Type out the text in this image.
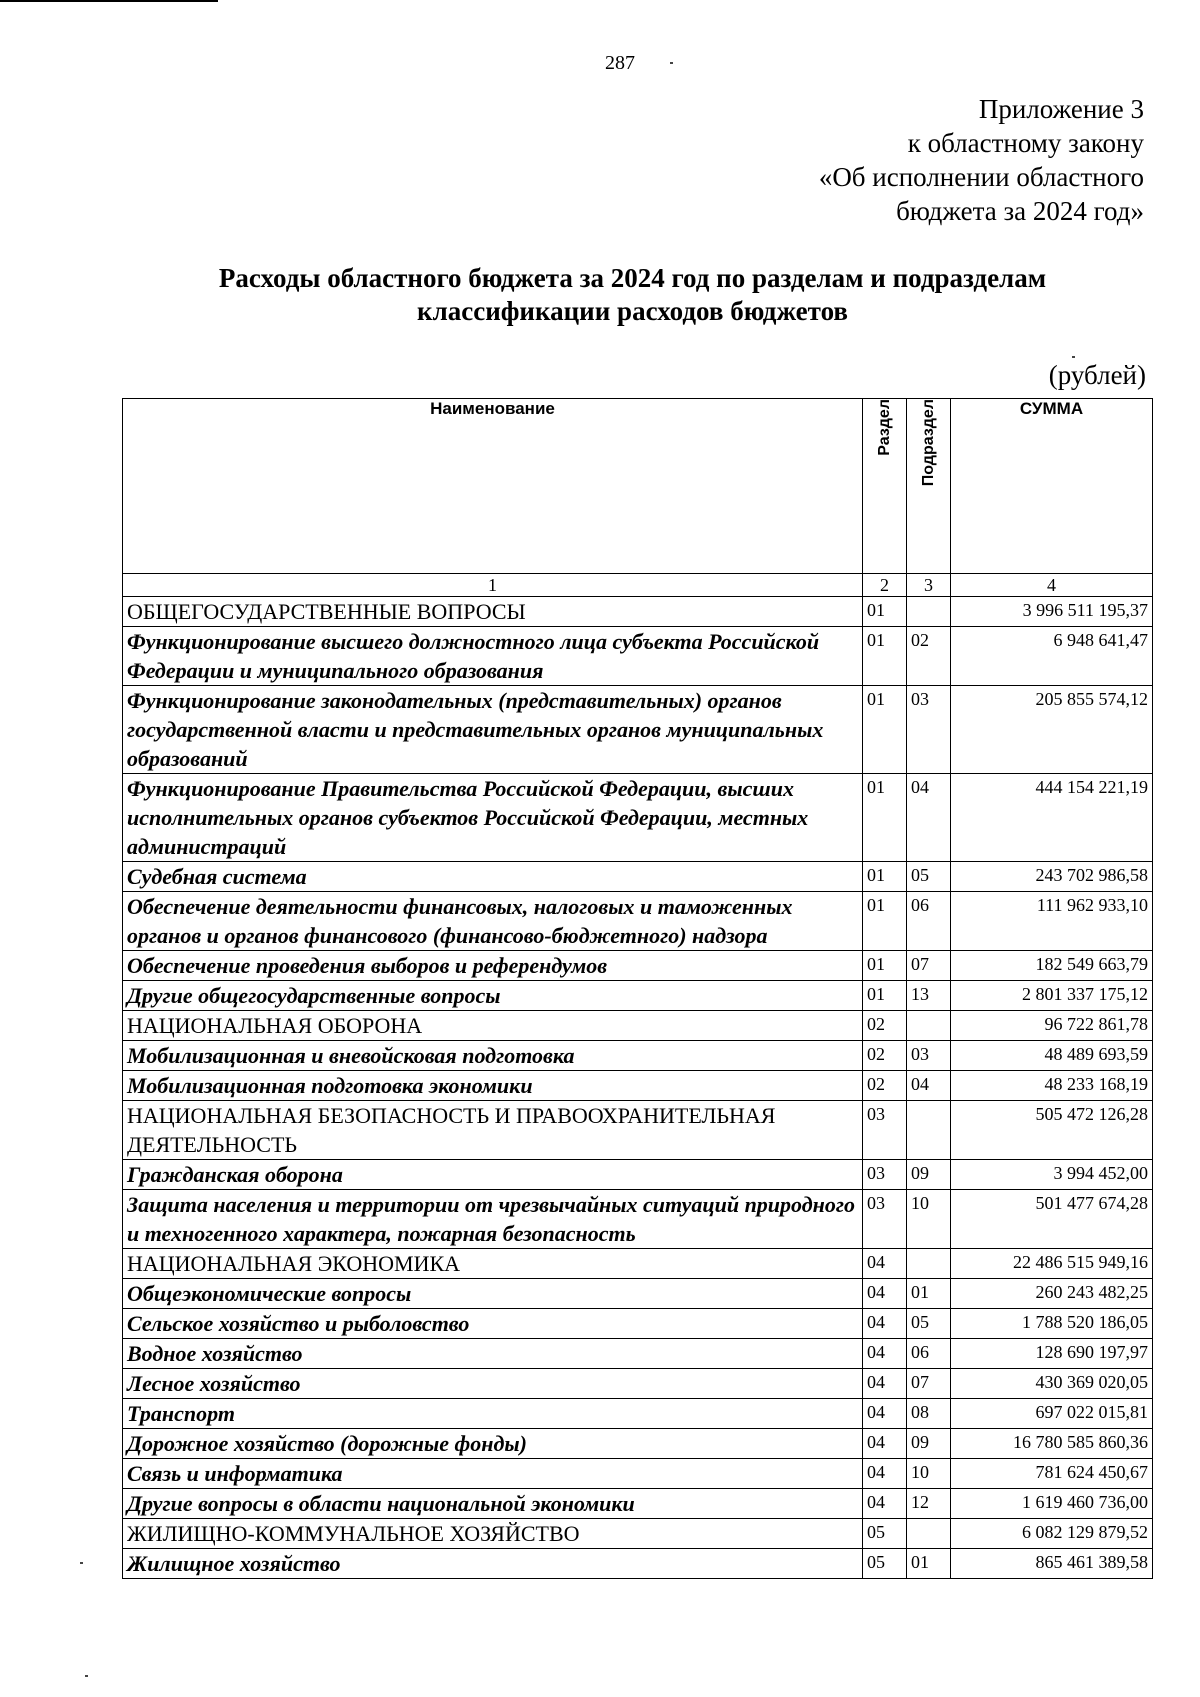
287
Приложение 3
к областному закону
«Об исполнении областного
бюджета за 2024 год»
Расходы областного бюджета за 2024 год по разделам и подразделам
классификации расходов бюджетов
(рублей)
Наименование	Раздел	Подраздел	СУММА
1	2	3	4
ОБЩЕГОСУДАРСТВЕННЫЕ ВОПРОСЫ	01		3 996 511 195,37
Функционирование высшего должностного лица субъекта Российской Федерации и муниципального образования	01	02	6 948 641,47
Функционирование законодательных (представительных) органов государственной власти и представительных органов муниципальных образований	01	03	205 855 574,12
Функционирование Правительства Российской Федерации, высших исполнительных органов субъектов Российской Федерации, местных администраций	01	04	444 154 221,19
Судебная система	01	05	243 702 986,58
Обеспечение деятельности финансовых, налоговых и таможенных органов и органов финансового (финансово-бюджетного) надзора	01	06	111 962 933,10
Обеспечение проведения выборов и референдумов	01	07	182 549 663,79
Другие общегосударственные вопросы	01	13	2 801 337 175,12
НАЦИОНАЛЬНАЯ ОБОРОНА	02		96 722 861,78
Мобилизационная и вневойсковая подготовка	02	03	48 489 693,59
Мобилизационная подготовка экономики	02	04	48 233 168,19
НАЦИОНАЛЬНАЯ БЕЗОПАСНОСТЬ И ПРАВООХРАНИТЕЛЬНАЯ ДЕЯТЕЛЬНОСТЬ	03		505 472 126,28
Гражданская оборона	03	09	3 994 452,00
Защита населения и территории от чрезвычайных ситуаций природного и техногенного характера, пожарная безопасность	03	10	501 477 674,28
НАЦИОНАЛЬНАЯ ЭКОНОМИКА	04		22 486 515 949,16
Общеэкономические вопросы	04	01	260 243 482,25
Сельское хозяйство и рыболовство	04	05	1 788 520 186,05
Водное хозяйство	04	06	128 690 197,97
Лесное хозяйство	04	07	430 369 020,05
Транспорт	04	08	697 022 015,81
Дорожное хозяйство (дорожные фонды)	04	09	16 780 585 860,36
Связь и информатика	04	10	781 624 450,67
Другие вопросы в области национальной экономики	04	12	1 619 460 736,00
ЖИЛИЩНО-КОММУНАЛЬНОЕ ХОЗЯЙСТВО	05		6 082 129 879,52
Жилищное хозяйство	05	01	865 461 389,58
